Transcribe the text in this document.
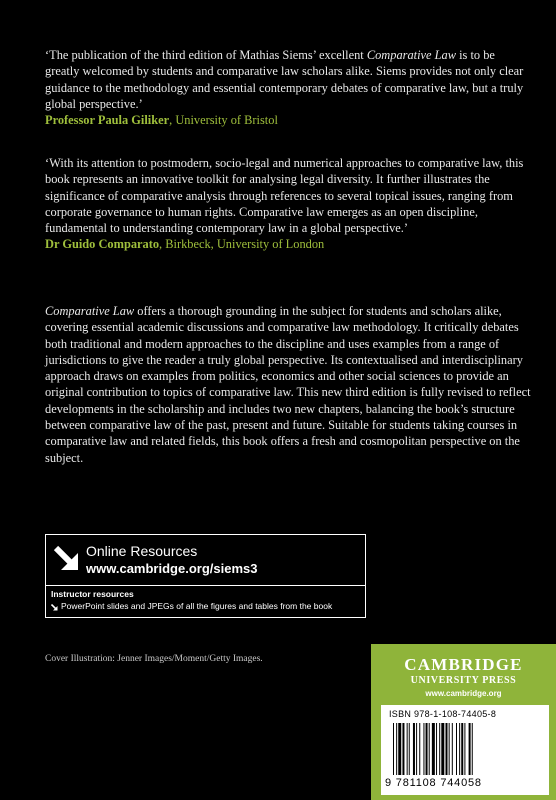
‘The publication of the third edition of Mathias Siems’ excellent Comparative Law is to be greatly welcomed by students and comparative law scholars alike. Siems provides not only clear guidance to the methodology and essential contemporary debates of comparative law, but a truly global perspective.’

Professor Paula Giliker, University of Bristol

‘With its attention to postmodern, socio-legal and numerical approaches to comparative law, this book represents an innovative toolkit for analysing legal diversity. It further illustrates the significance of comparative analysis through references to several topical issues, ranging from corporate governance to human rights. Comparative law emerges as an open discipline, fundamental to understanding contemporary law in a global perspective.’

Dr Guido Comparato, Birkbeck, University of London

Comparative Law offers a thorough grounding in the subject for students and scholars alike, covering essential academic discussions and comparative law methodology. It critically debates both traditional and modern approaches to the discipline and uses examples from a range of jurisdictions to give the reader a truly global perspective. Its contextualised and interdisciplinary approach draws on examples from politics, economics and other social sciences to provide an original contribution to topics of comparative law. This new third edition is fully revised to reflect developments in the scholarship and includes two new chapters, balancing the book’s structure between comparative law of the past, present and future. Suitable for students taking courses in comparative law and related fields, this book offers a fresh and cosmopolitan perspective on the subject.

Online Resources
www.cambridge.org/siems3
Instructor resources
PowerPoint slides and JPEGs of all the figures and tables from the book
Cover Illustration: Jenner Images/Moment/Getty Images.	CAMBRIDGE
UNIVERSITY PRESS
www.cambridge.org
ISBN 978-1-108-74405-8
9 781108 744058
